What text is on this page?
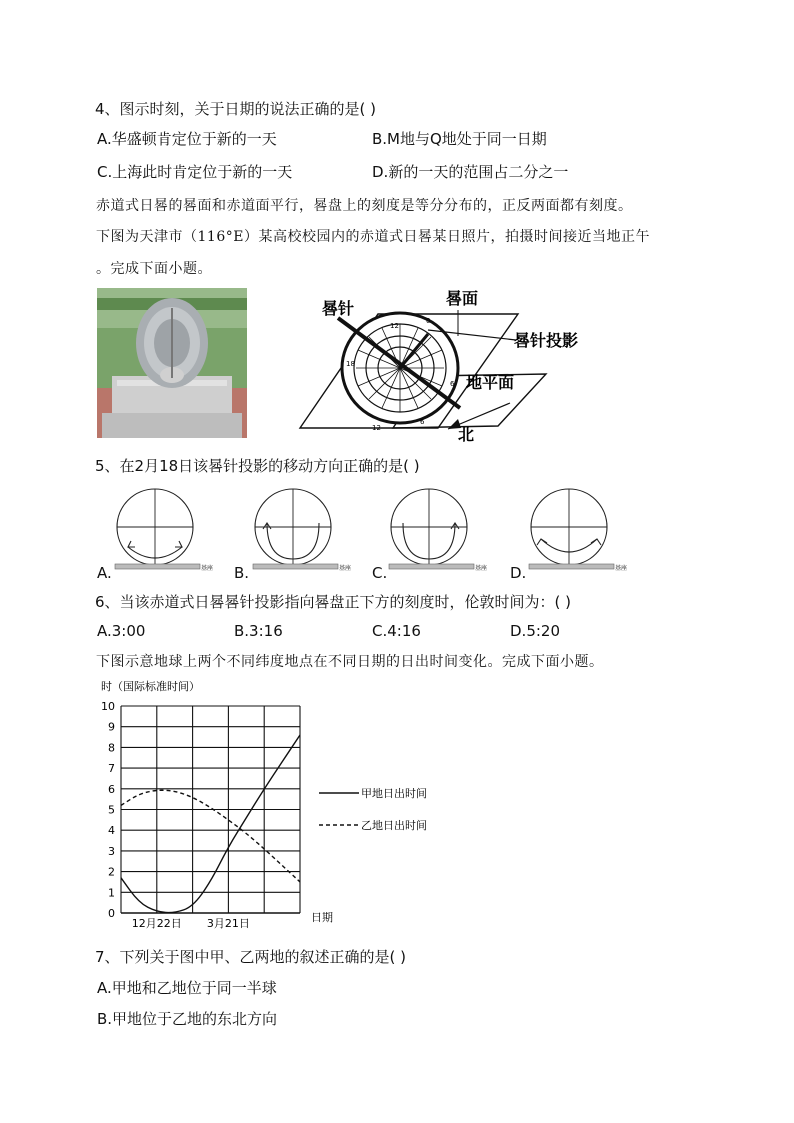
4、图示时刻，关于日期的说法正确的是( )
A.华盛顿肯定位于新的一天	B.M地与Q地处于同一日期
C.上海此时肯定位于新的一天	D.新的一天的范围占二分之一
赤道式日晷的晷面和赤道面平行，晷盘上的刻度是等分分布的，正反两面都有刻度。
下图为天津市（116°E）某高校校园内的赤道式日晷某日照片，拍摄时间接近当地正午
。完成下面小题。
12
0
6
18
12
6
晷针
晷面
晷针投影
地平面
北
5、在2月18日该晷针投影的移动方向正确的是( )
基座	基座	基座	基座
A.	B.	C.	D.
6、当该赤道式日晷晷针投影指向晷盘正下方的刻度时，伦敦时间为：( )
A.3:00	B.3:16	C.4:16	D.5:20
下图示意地球上两个不同纬度地点在不同日期的日出时间变化。完成下面小题。
时（国际标准时间）
0
1
2
3
4
5
6
7
8
9
10
12月22日 3月21日	日期
甲地日出时间
乙地日出时间
7、下列关于图中甲、乙两地的叙述正确的是( )
A.甲地和乙地位于同一半球
B.甲地位于乙地的东北方向
